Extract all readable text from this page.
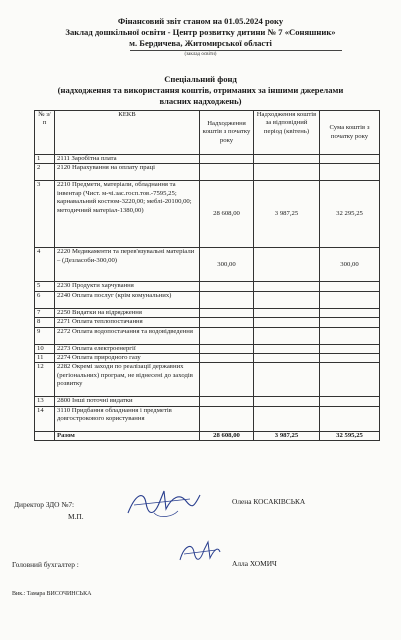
Фінансовий звіт станом на 01.05.2024 року
Заклад дошкільної освіти - Центр розвитку дитини № 7 «Соняшник»
м. Бердичева, Житомирської області
(заклад освіти)
Спеціальний фонд
(надходження та використання коштів, отриманих за іншими джерелами
власних надходжень)
№ з/п	КЕКВ	Надходження коштів з початку року	Надходження коштів за відповідний період (квітень)	Сума коштів з початку року
1	2111 Заробітна плата			
2	2120 Нарахування на оплату праці			
3	2210 Предмети, матеріали, обладнання та інвентар (Чист. м-чі.зас.госп.тов.-7595,25; карнавальний костюм-3220,00; меблі-20100,00; методичний матеріал-1380,00)	28 608,00	3 987,25	32 295,25
4	2220 Медикаменти та перев'язувальні матеріали – (Дезласоби-300,00)	300,00		300,00
5	2230 Продукти харчування			
6	2240 Оплата послуг (крім комунальних)			
7	2250 Видатки на відрядження			
8	2271 Оплата теплопостачання			
9	2272 Оплата водопостачання та водовідведення			
10	2273 Оплата електроенергії			
11	2274 Оплата природного газу			
12	2282 Окремі заходи по реалізації державних (регіональних) програм, не віднесені до заходів розвитку			
13	2800 Інші поточні видатки			
14	3110 Придбання обладнання і предметів довгострокового користування			
	Разом	28 608,00	3 987,25	32 595,25
Директор ЗДО №7:	Олена КОСАКІВСЬКА
М.П.
Головний бухгалтер :	Алла ХОМИЧ
Вик.: Тамара ВИСОЧИНСЬКА
